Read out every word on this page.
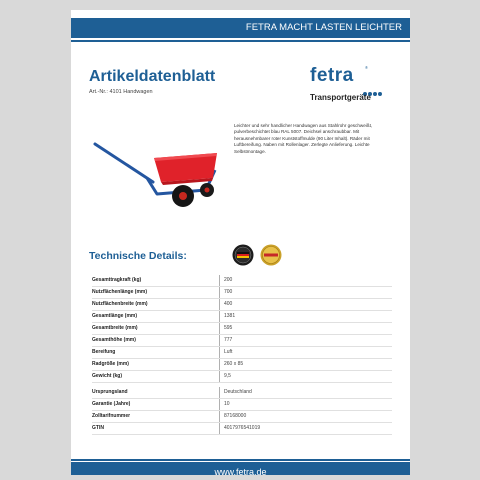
FETRA MACHT LASTEN LEICHTER
Artikeldatenblatt
Art.-Nr.: 4101 Handwagen
fetra	®
Transportgeräte
Leichter und sehr handlicher Handwagen aus Stahlrohr geschweißt, pulverbeschichtet blau RAL 5007. Deichsel anschraubbar. Mit herausnehmbarer roter Kunststoffmulde (90 Liter Inhalt). Räder mit Luftbereifung. Naben mit Rollenlager. Zerlegte Anlieferung. Leichte Selbstmontage.
Technische Details:
Gesamttragkraft (kg)	200
Nutzflächenlänge (mm)	700
Nutzflächenbreite (mm)	400
Gesamtlänge (mm)	1381
Gesamtbreite (mm)	595
Gesamthöhe (mm)	777
Bereifung	Luft
Radgröße (mm)	260 x 85
Gewicht (kg)	9,5
Ursprungsland	Deutschland
Garantie (Jahre)	10
Zolltarifnummer	87168000
GTIN	4017976541019
www.fetra.de
